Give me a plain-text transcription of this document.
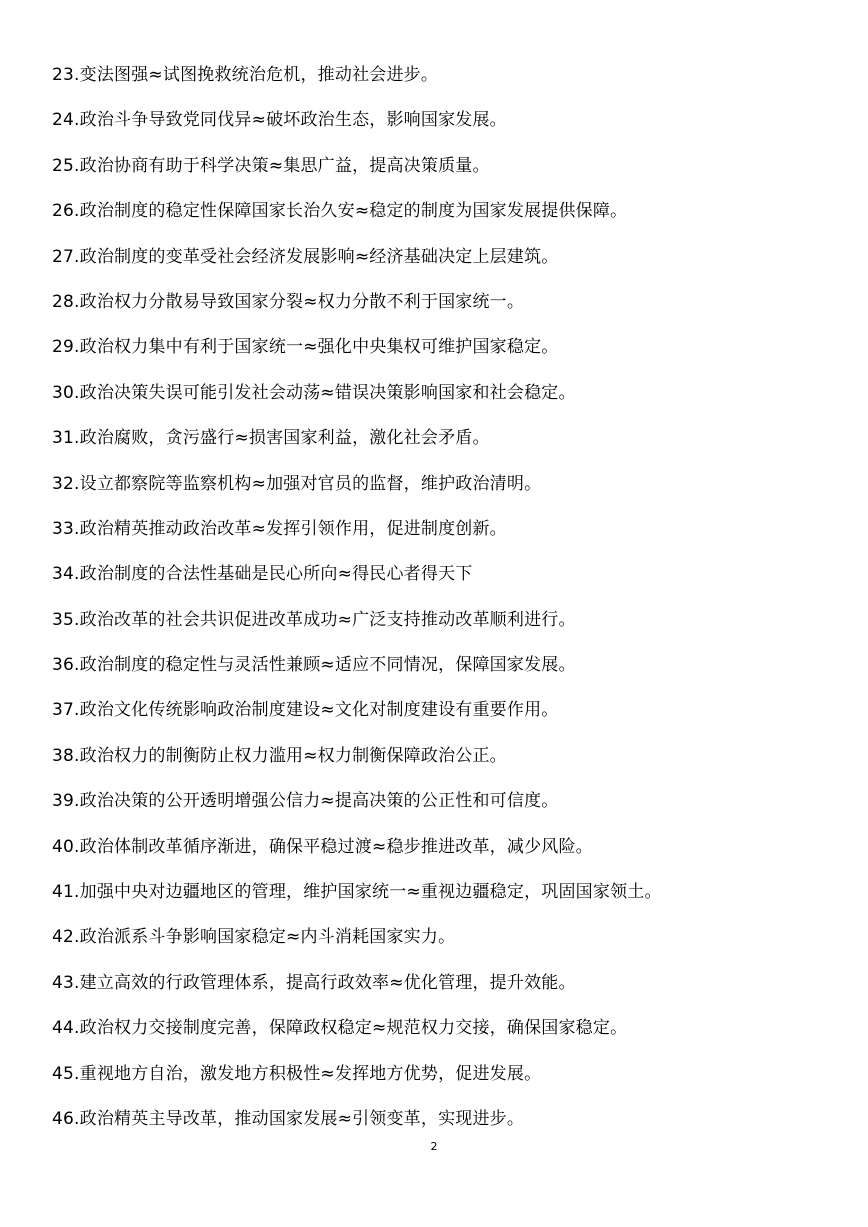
23.变法图强≈试图挽救统治危机，推动社会进步。
24.政治斗争导致党同伐异≈破坏政治生态，影响国家发展。
25.政治协商有助于科学决策≈集思广益，提高决策质量。
26.政治制度的稳定性保障国家长治久安≈稳定的制度为国家发展提供保障。
27.政治制度的变革受社会经济发展影响≈经济基础决定上层建筑。
28.政治权力分散易导致国家分裂≈权力分散不利于国家统一。
29.政治权力集中有利于国家统一≈强化中央集权可维护国家稳定。
30.政治决策失误可能引发社会动荡≈错误决策影响国家和社会稳定。
31.政治腐败，贪污盛行≈损害国家利益，激化社会矛盾。
32.设立都察院等监察机构≈加强对官员的监督，维护政治清明。
33.政治精英推动政治改革≈发挥引领作用，促进制度创新。
34.政治制度的合法性基础是民心所向≈得民心者得天下
35.政治改革的社会共识促进改革成功≈广泛支持推动改革顺利进行。
36.政治制度的稳定性与灵活性兼顾≈适应不同情况，保障国家发展。
37.政治文化传统影响政治制度建设≈文化对制度建设有重要作用。
38.政治权力的制衡防止权力滥用≈权力制衡保障政治公正。
39.政治决策的公开透明增强公信力≈提高决策的公正性和可信度。
40.政治体制改革循序渐进，确保平稳过渡≈稳步推进改革，减少风险。
41.加强中央对边疆地区的管理，维护国家统一≈重视边疆稳定，巩固国家领土。
42.政治派系斗争影响国家稳定≈内斗消耗国家实力。
43.建立高效的行政管理体系，提高行政效率≈优化管理，提升效能。
44.政治权力交接制度完善，保障政权稳定≈规范权力交接，确保国家稳定。
45.重视地方自治，激发地方积极性≈发挥地方优势，促进发展。
46.政治精英主导改革，推动国家发展≈引领变革，实现进步。
2
